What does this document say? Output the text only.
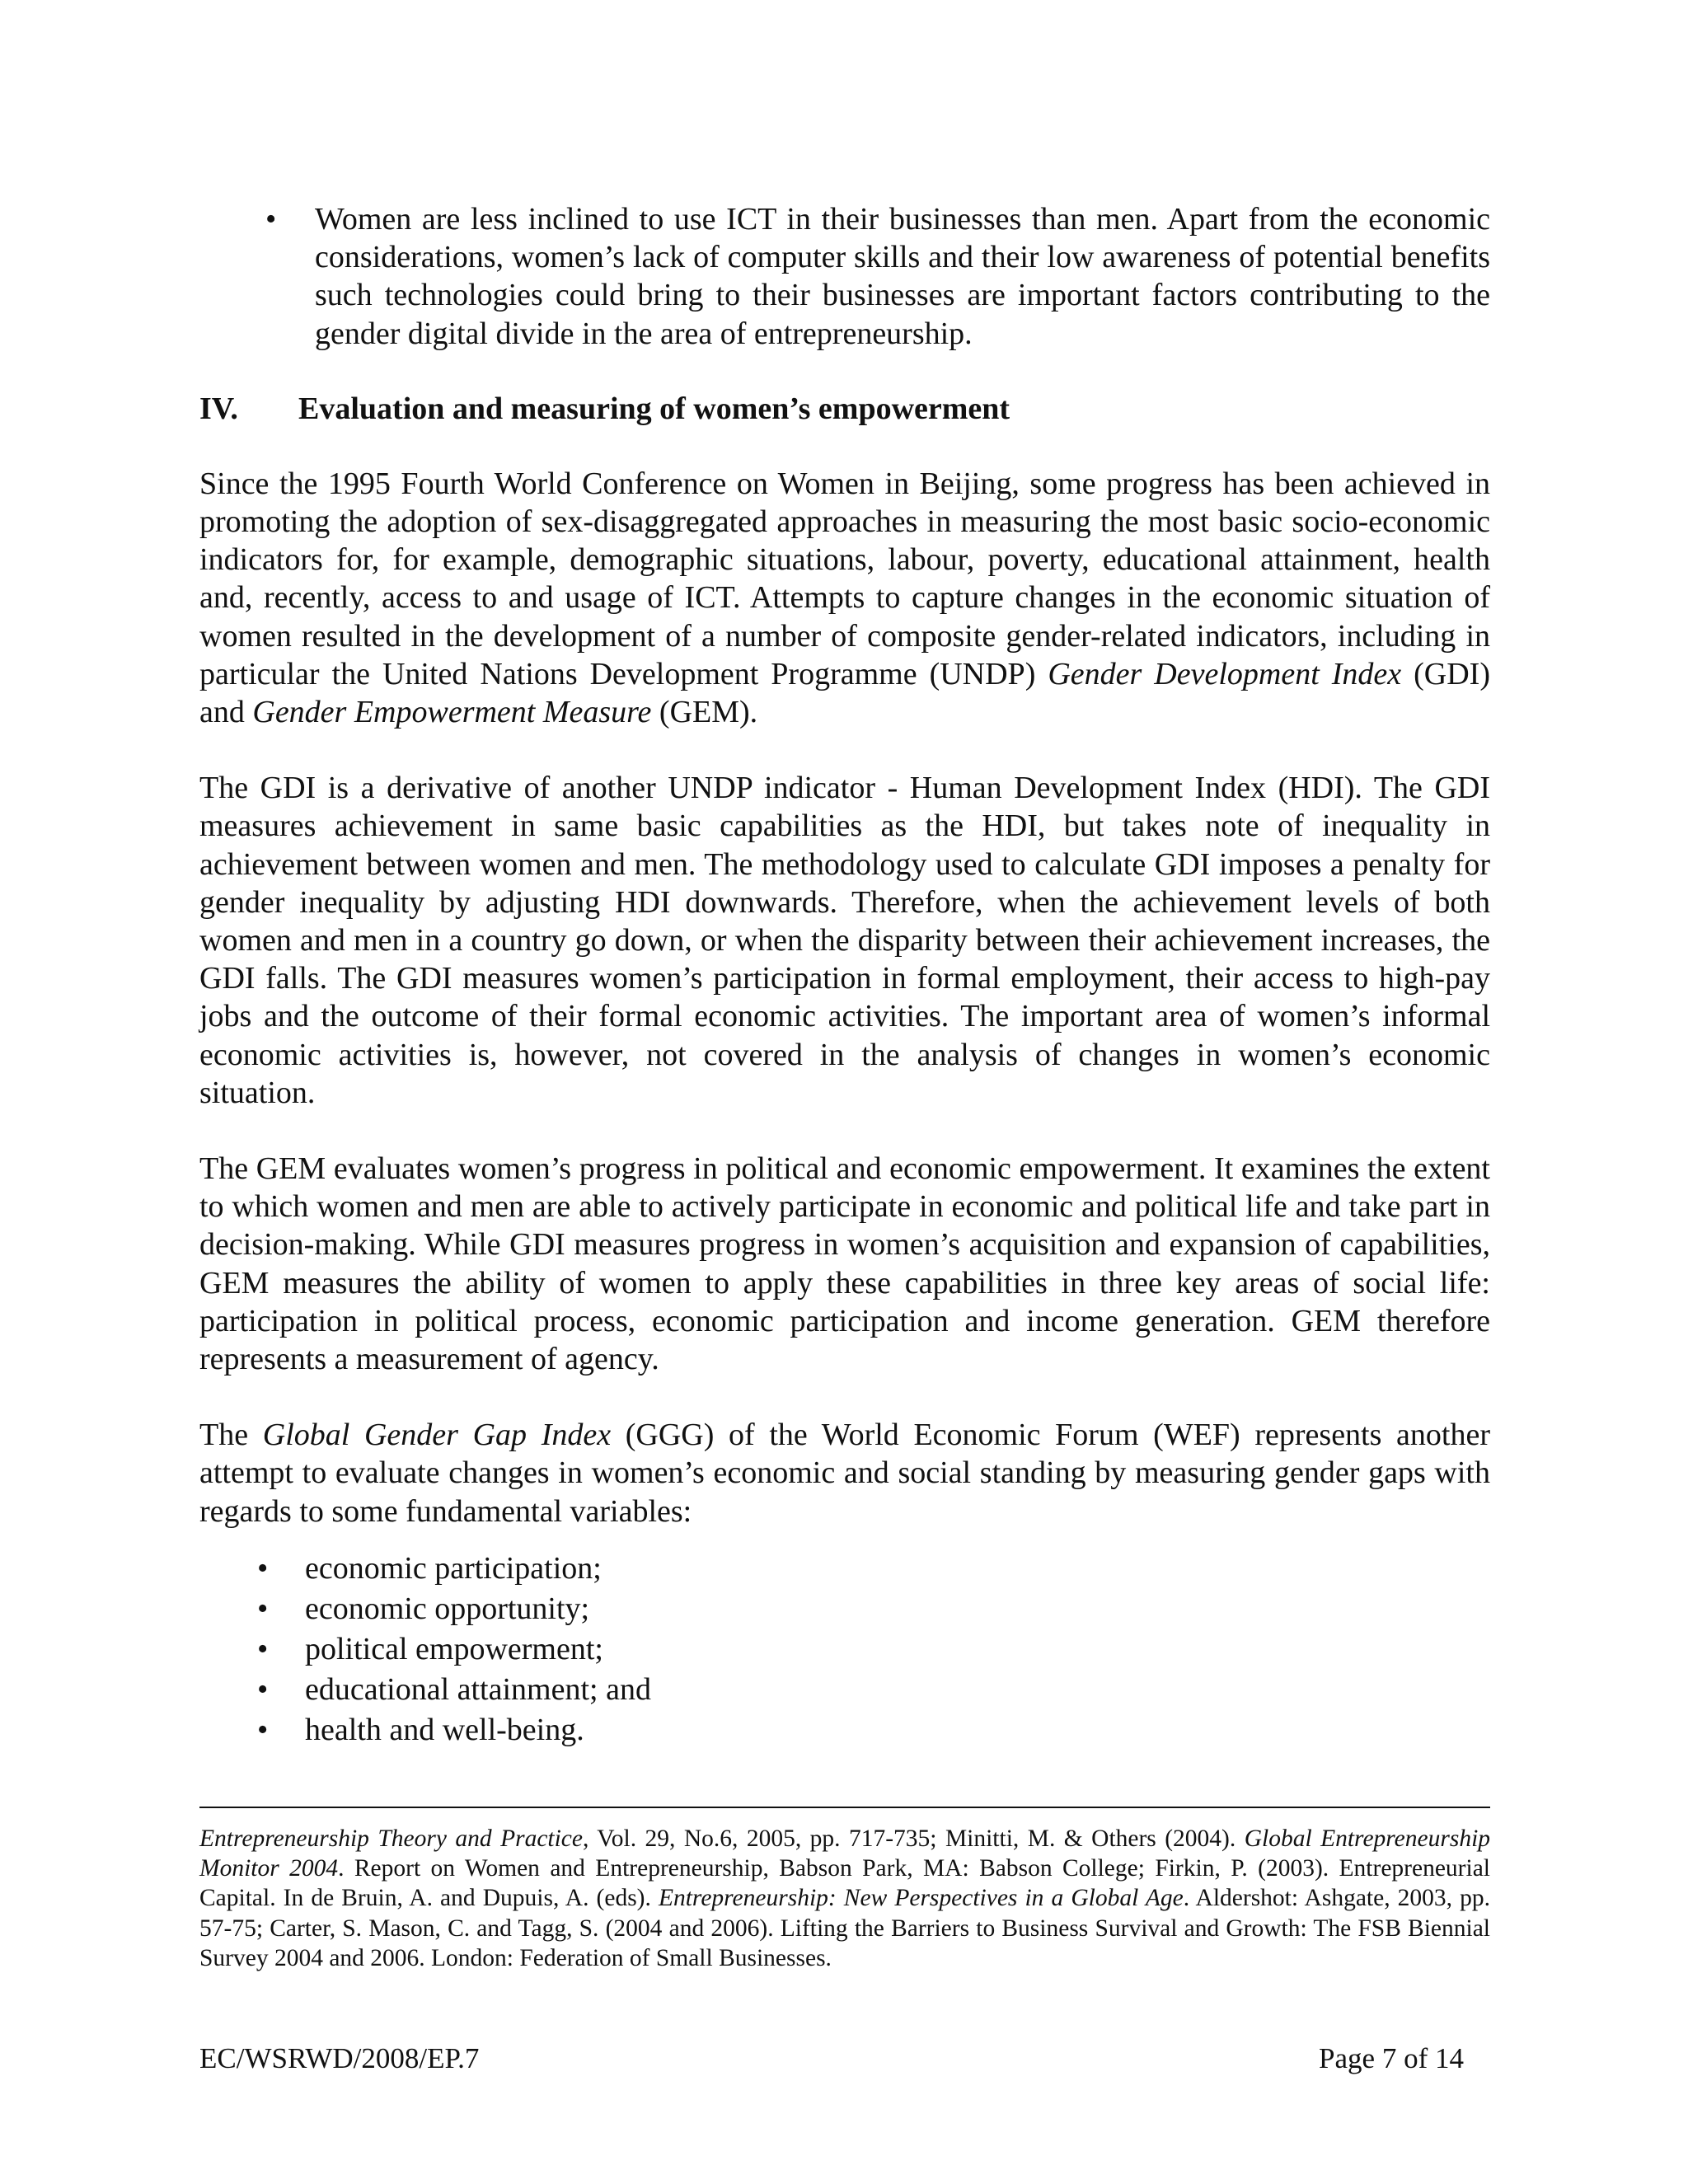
• Women are less inclined to use ICT in their businesses than men. Apart from the economic considerations, women’s lack of computer skills and their low awareness of potential benefits such technologies could bring to their businesses are important factors contributing to the gender digital divide in the area of entrepreneurship.

IV.	Evaluation and measuring of women’s empowerment

Since the 1995 Fourth World Conference on Women in Beijing, some progress has been achieved in promoting the adoption of sex-disaggregated approaches in measuring the most basic socio-economic indicators for, for example, demographic situations, labour, poverty, educational attainment, health and, recently, access to and usage of ICT. Attempts to capture changes in the economic situation of women resulted in the development of a number of composite gender-related indicators, including in particular the United Nations Development Programme (UNDP) Gender Development Index (GDI) and Gender Empowerment Measure (GEM).

The GDI is a derivative of another UNDP indicator - Human Development Index (HDI). The GDI measures achievement in same basic capabilities as the HDI, but takes note of inequality in achievement between women and men. The methodology used to calculate GDI imposes a penalty for gender inequality by adjusting HDI downwards. Therefore, when the achievement levels of both women and men in a country go down, or when the disparity between their achievement increases, the GDI falls. The GDI measures women’s participation in formal employment, their access to high-pay jobs and the outcome of their formal economic activities. The important area of women’s informal economic activities is, however, not covered in the analysis of changes in women’s economic situation.

The GEM evaluates women’s progress in political and economic empowerment. It examines the extent to which women and men are able to actively participate in economic and political life and take part in decision-making. While GDI measures progress in women’s acquisition and expansion of capabilities, GEM measures the ability of women to apply these capabilities in three key areas of social life: participation in political process, economic participation and income generation. GEM therefore represents a measurement of agency.

The Global Gender Gap Index (GGG) of the World Economic Forum (WEF) represents another attempt to evaluate changes in women’s economic and social standing by measuring gender gaps with regards to some fundamental variables:

• economic participation;
• economic opportunity;
• political empowerment;
• educational attainment; and
• health and well-being.

Entrepreneurship Theory and Practice, Vol. 29, No.6, 2005, pp. 717-735; Minitti, M. & Others (2004). Global Entrepreneurship Monitor 2004. Report on Women and Entrepreneurship, Babson Park, MA: Babson College; Firkin, P. (2003). Entrepreneurial Capital. In de Bruin, A. and Dupuis, A. (eds). Entrepreneurship: New Perspectives in a Global Age. Aldershot: Ashgate, 2003, pp. 57-75; Carter, S. Mason, C. and Tagg, S. (2004 and 2006). Lifting the Barriers to Business Survival and Growth: The FSB Biennial Survey 2004 and 2006. London: Federation of Small Businesses.

EC/WSRWD/2008/EP.7	Page 7 of 14
